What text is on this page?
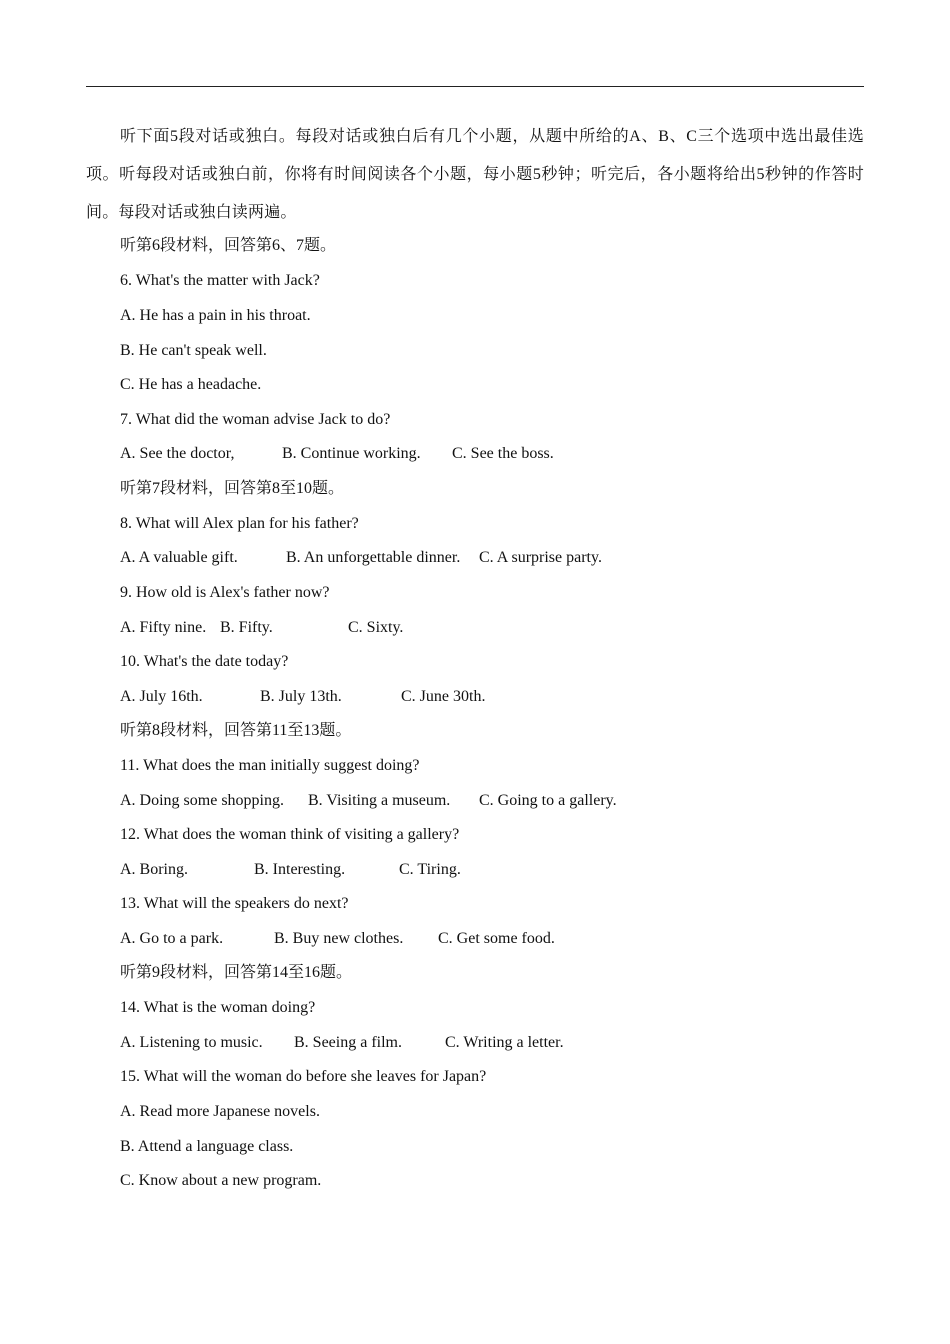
听下面5段对话或独白。每段对话或独白后有几个小题，从题中所给的A、B、C三个选项中选出最佳选项。听每段对话或独白前，你将有时间阅读各个小题，每小题5秒钟；听完后，各小题将给出5秒钟的作答时间。每段对话或独白读两遍。
听第6段材料，回答第6、7题。
6. What's the matter with Jack?
A. He has a pain in his throat.
B. He can't speak well.
C. He has a headache.
7. What did the woman advise Jack to do?
A. See the doctor,	B. Continue working. C. See the boss.
听第7段材料，回答第8至10题。
8. What will Alex plan for his father?
A. A valuable gift.	B. An unforgettable dinner. C. A surprise party.
9. How old is Alex's father now?
A. Fifty nine. B. Fifty.	C. Sixty.
10. What's the date today?
A. July 16th.	B. July 13th.	C. June 30th.
听第8段材料，回答第11至13题。
11. What does the man initially suggest doing?
A. Doing some shopping. B. Visiting a museum. C. Going to a gallery.
12. What does the woman think of visiting a gallery?
A. Boring.	B. Interesting.	C. Tiring.
13. What will the speakers do next?
A. Go to a park.	B. Buy new clothes. C. Get some food.
听第9段材料，回答第14至16题。
14. What is the woman doing?
A. Listening to music. B. Seeing a film.	C. Writing a letter.
15. What will the woman do before she leaves for Japan?
A. Read more Japanese novels.
B. Attend a language class.
C. Know about a new program.
